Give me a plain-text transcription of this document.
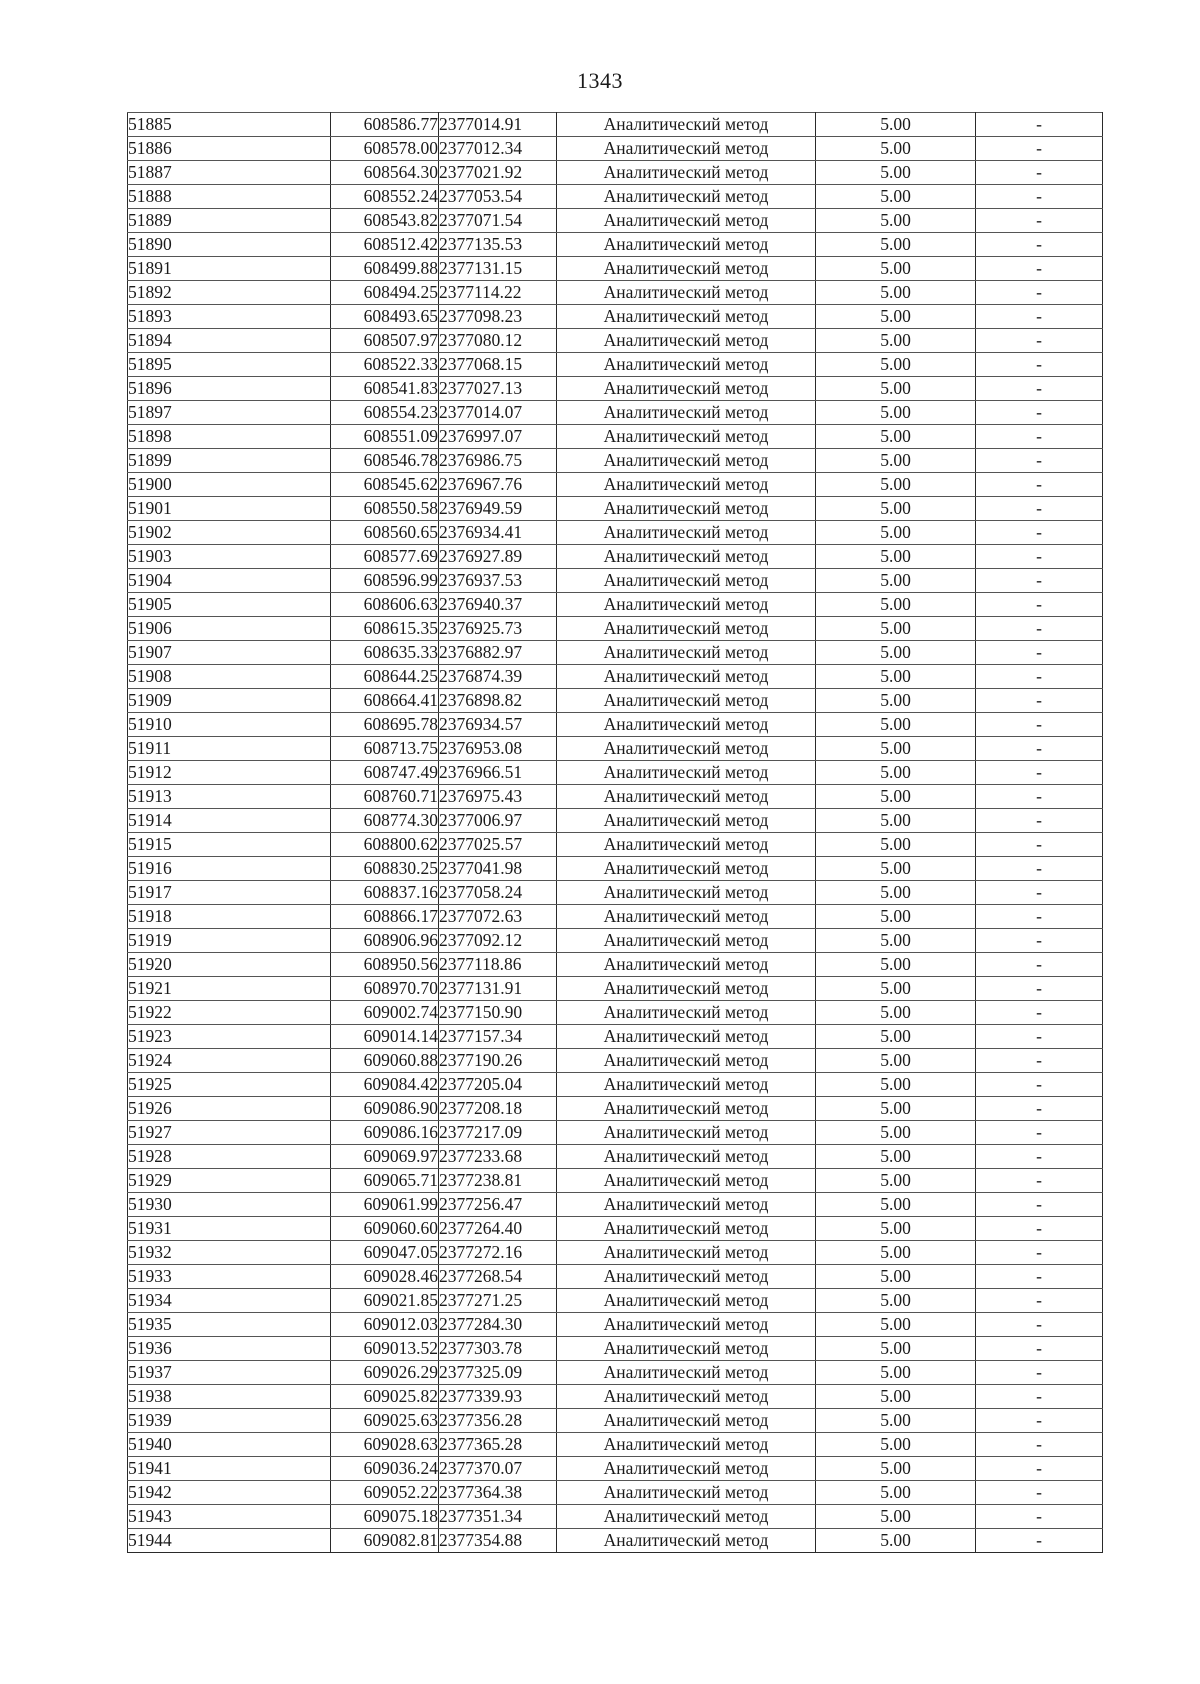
1343
51885	608586.77	2377014.91	Аналитический метод	5.00	-
51886	608578.00	2377012.34	Аналитический метод	5.00	-
51887	608564.30	2377021.92	Аналитический метод	5.00	-
51888	608552.24	2377053.54	Аналитический метод	5.00	-
51889	608543.82	2377071.54	Аналитический метод	5.00	-
51890	608512.42	2377135.53	Аналитический метод	5.00	-
51891	608499.88	2377131.15	Аналитический метод	5.00	-
51892	608494.25	2377114.22	Аналитический метод	5.00	-
51893	608493.65	2377098.23	Аналитический метод	5.00	-
51894	608507.97	2377080.12	Аналитический метод	5.00	-
51895	608522.33	2377068.15	Аналитический метод	5.00	-
51896	608541.83	2377027.13	Аналитический метод	5.00	-
51897	608554.23	2377014.07	Аналитический метод	5.00	-
51898	608551.09	2376997.07	Аналитический метод	5.00	-
51899	608546.78	2376986.75	Аналитический метод	5.00	-
51900	608545.62	2376967.76	Аналитический метод	5.00	-
51901	608550.58	2376949.59	Аналитический метод	5.00	-
51902	608560.65	2376934.41	Аналитический метод	5.00	-
51903	608577.69	2376927.89	Аналитический метод	5.00	-
51904	608596.99	2376937.53	Аналитический метод	5.00	-
51905	608606.63	2376940.37	Аналитический метод	5.00	-
51906	608615.35	2376925.73	Аналитический метод	5.00	-
51907	608635.33	2376882.97	Аналитический метод	5.00	-
51908	608644.25	2376874.39	Аналитический метод	5.00	-
51909	608664.41	2376898.82	Аналитический метод	5.00	-
51910	608695.78	2376934.57	Аналитический метод	5.00	-
51911	608713.75	2376953.08	Аналитический метод	5.00	-
51912	608747.49	2376966.51	Аналитический метод	5.00	-
51913	608760.71	2376975.43	Аналитический метод	5.00	-
51914	608774.30	2377006.97	Аналитический метод	5.00	-
51915	608800.62	2377025.57	Аналитический метод	5.00	-
51916	608830.25	2377041.98	Аналитический метод	5.00	-
51917	608837.16	2377058.24	Аналитический метод	5.00	-
51918	608866.17	2377072.63	Аналитический метод	5.00	-
51919	608906.96	2377092.12	Аналитический метод	5.00	-
51920	608950.56	2377118.86	Аналитический метод	5.00	-
51921	608970.70	2377131.91	Аналитический метод	5.00	-
51922	609002.74	2377150.90	Аналитический метод	5.00	-
51923	609014.14	2377157.34	Аналитический метод	5.00	-
51924	609060.88	2377190.26	Аналитический метод	5.00	-
51925	609084.42	2377205.04	Аналитический метод	5.00	-
51926	609086.90	2377208.18	Аналитический метод	5.00	-
51927	609086.16	2377217.09	Аналитический метод	5.00	-
51928	609069.97	2377233.68	Аналитический метод	5.00	-
51929	609065.71	2377238.81	Аналитический метод	5.00	-
51930	609061.99	2377256.47	Аналитический метод	5.00	-
51931	609060.60	2377264.40	Аналитический метод	5.00	-
51932	609047.05	2377272.16	Аналитический метод	5.00	-
51933	609028.46	2377268.54	Аналитический метод	5.00	-
51934	609021.85	2377271.25	Аналитический метод	5.00	-
51935	609012.03	2377284.30	Аналитический метод	5.00	-
51936	609013.52	2377303.78	Аналитический метод	5.00	-
51937	609026.29	2377325.09	Аналитический метод	5.00	-
51938	609025.82	2377339.93	Аналитический метод	5.00	-
51939	609025.63	2377356.28	Аналитический метод	5.00	-
51940	609028.63	2377365.28	Аналитический метод	5.00	-
51941	609036.24	2377370.07	Аналитический метод	5.00	-
51942	609052.22	2377364.38	Аналитический метод	5.00	-
51943	609075.18	2377351.34	Аналитический метод	5.00	-
51944	609082.81	2377354.88	Аналитический метод	5.00	-
